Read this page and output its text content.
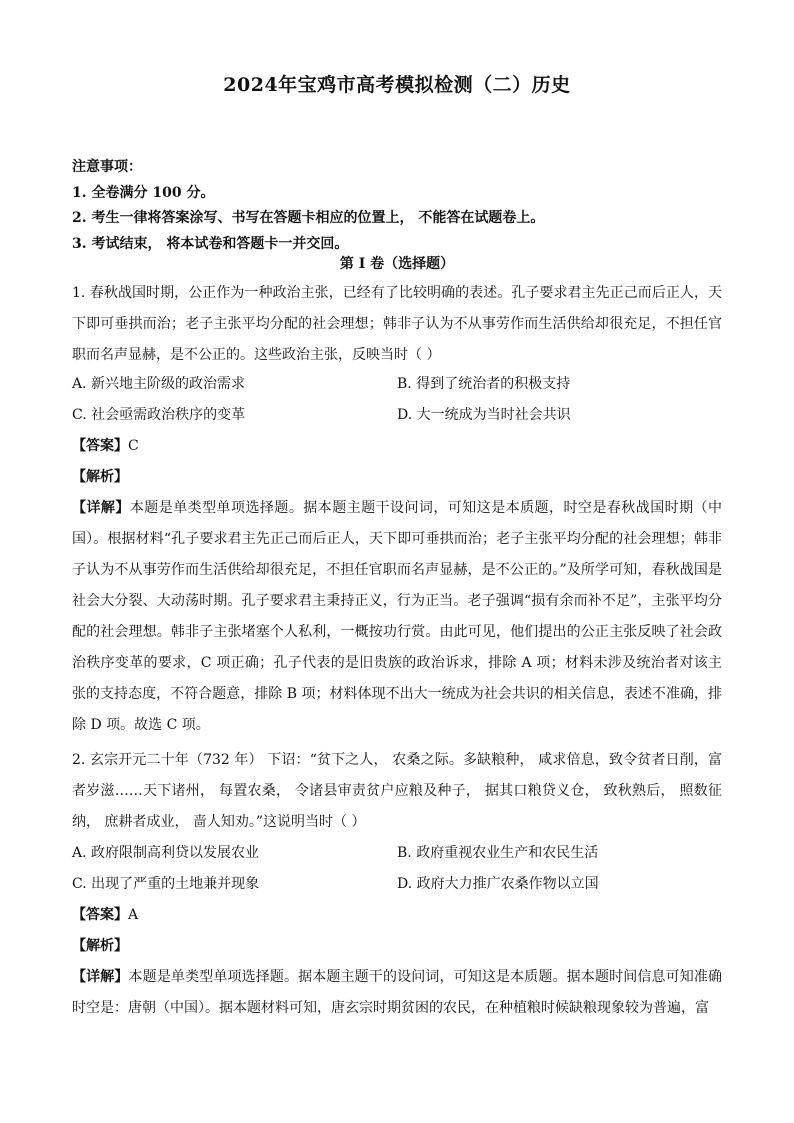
2024年宝鸡市高考模拟检测（二）历史
注意事项：
1. 全卷满分 100 分。
2. 考生一律将答案涂写、书写在答题卡相应的位置上， 不能答在试题卷上。
3. 考试结束， 将本试卷和答题卡一并交回。
第 I 卷（选择题）
1. 春秋战国时期，公正作为一种政治主张，已经有了比较明确的表述。孔子要求君主先正己而后正人，天下即可垂拱而治；老子主张平均分配的社会理想；韩非子认为不从事劳作而生活供给却很充足，不担任官职而名声显赫，是不公正的。这些政治主张，反映当时（ ）
A. 新兴地主阶级的政治需求	B. 得到了统治者的积极支持
C. 社会亟需政治秩序的变革	D. 大一统成为当时社会共识
【答案】C
【解析】
【详解】本题是单类型单项选择题。据本题主题干设问词，可知这是本质题，时空是春秋战国时期（中国）。根据材料“孔子要求君主先正己而后正人，天下即可垂拱而治；老子主张平均分配的社会理想；韩非子认为不从事劳作而生活供给却很充足，不担任官职而名声显赫，是不公正的。”及所学可知，春秋战国是社会大分裂、大动荡时期。孔子要求君主秉持正义，行为正当。老子强调“损有余而补不足”，主张平均分配的社会理想。韩非子主张堵塞个人私利，一概按功行赏。由此可见，他们提出的公正主张反映了社会政治秩序变革的要求，C 项正确；孔子代表的是旧贵族的政治诉求，排除 A 项；材料未涉及统治者对该主张的支持态度，不符合题意，排除 B 项；材料体现不出大一统成为社会共识的相关信息，表述不准确，排除 D 项。故选 C 项。
2. 玄宗开元二十年（732 年） 下诏：“贫下之人， 农桑之际。多缺粮种， 咸求倍息，致令贫者日削，富者岁滋……天下诸州， 每置农桑， 令诸县审责贫户应粮及种子， 据其口粮贷义仓， 致秋熟后， 照数征纳， 庶耕者成业， 啬人知劝。”这说明当时（ ）
A. 政府限制高利贷以发展农业	B. 政府重视农业生产和农民生活
C. 出现了严重的土地兼并现象	D. 政府大力推广农桑作物以立国
【答案】A
【解析】
【详解】本题是单类型单项选择题。据本题主题干的设问词，可知这是本质题。据本题时间信息可知准确时空是：唐朝（中国）。据本题材料可知，唐玄宗时期贫困的农民，在种植粮时候缺粮现象较为普遍，富
